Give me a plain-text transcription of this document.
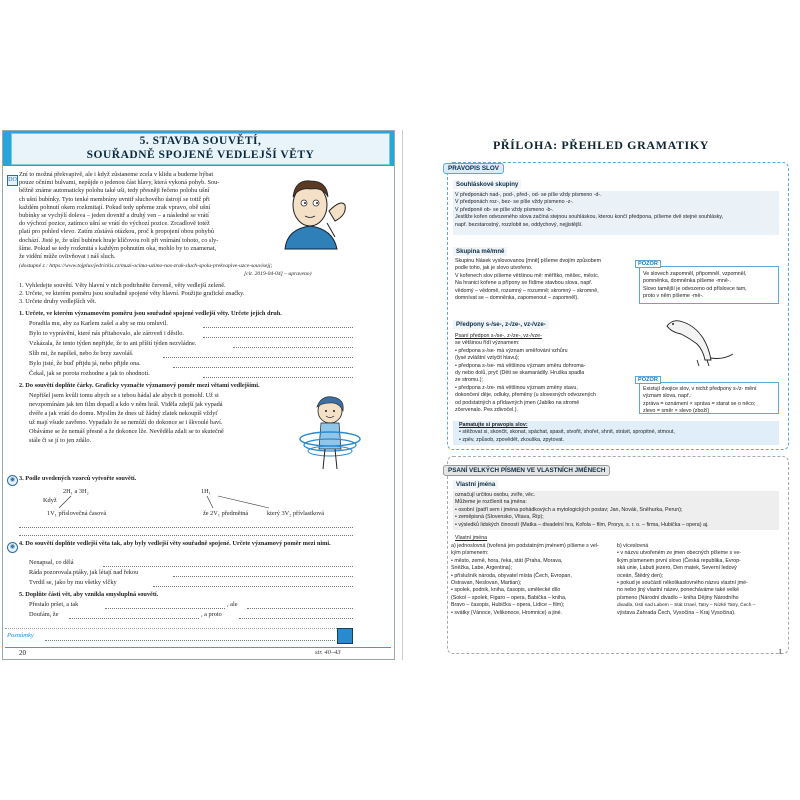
5. STAVBA SOUVĚTÍ,
SOUŘADNĚ SPOJENÉ VEDLEJŠÍ VĚTY
DO
Zní to možná překvapivě, ale i když zůstaneme zcela v klidu a budeme hýbat
pouze očními bulvami, nepůjde o jedenou část hlavy, která vykoná pohyb. Sou-
běžně známe automaticky polohu také uši, tedy přesněji řečeno polohu ušní
ch ušní bubínky. Tyto tenké membrány uvnitř sluchového ústrojí se totiž při
každém pohnutí okem rozkmitají. Pokud tedy upřeme zrak vpravo, obě ušní
bubínky se vychýlí doleva – jeden dovnitř a druhý ven – a následně se vrátí
do výchozí pozice, zatímco ušní se vrátí do výchozí pozice. Zrcadlově totéž
platí pro pohled vlevo. Zatím zůstává otázkou, proč k propojení obou pohybů
dochází. Jisté je, že ušní bubínek hraje klíčovou roli při vnímání tohoto, co sly-
šíme. Pokud se tedy rozkmitá s každým pohnutím oka, mohlo by to znamenat,
že vidění může ovlivňovat i náš sluch.
(dostupné z : https://www.tojplus/jedrickis.cz/muzi-ocima-uzimo-nas-zrak-sluch-spolu-prekvapive-uzce-souvisejj;
[cit. 2019-04-04] – upraveno)
1. Vyhledejte souvětí. Věty hlavní v nich podtrhněte červeně, věty vedlejší zeleně.
2. Určete, ve kterém poměru jsou souřadně spojené věty hlavní. Použijte grafické značky.
3. Určete druhy vedlejších vět.
1. Určete, ve kterém významovém poměru jsou souřadně spojené vedlejší věty. Určete jejich druh.
Poradila mu, aby za Karlem zašel a aby se mu omluvil.
Bylo to vyprávění, které nás přitahovalo, ale zároveň i děsilo.
Vzkázala, že tento týden nepřijde, že to ani příští týden nezvládne.
Slíb mi, že napíšeš, nebo že brzy zavoláš.
Bylo jisté, že buď přijdu já, nebo přijde ona.
Čekal, jak se porota rozhodne a jak to ohodnotí.
2. Do souvětí doplňte čárky. Graficky vyznačte významový poměr mezi větami vedlejšími.
Nepřišel jsem kvůli tomu abych se s tebou hádal ale abych ti pomohl. Už si
nevzpomínám jak ten film dopadl a kdo v něm hrál. Viděla zdejší jak vypadá
dvéře a jak vrátí do domu. Myslím že dnes už žádný zlatek nekoupíš vždyť
už mají všude zavřeno. Vypadalo že se nemůží do dokonce se i škvoulé baví.
Obáváme se že nemáš přesně a že dokonce lže. Nevěděla zdali se to skutečně
stále či se jí to jen zdálo.
◉ 3. Podle uvedených vzorců vytvořte souvětí.
2H₁ a 3H₂	1H₁
Když
1V₁ příslovečná časová	že 2V₁ předmětná	který 3V₂ přívlastková
◉ 4. Do souvětí doplňte vedlejší věta tak, aby byly vedlejší věty souřadně spojené. Určete významový poměr mezi nimi.
Nenapsal, co dělá
Ráda pozorovala ptáky, jak létají nad řekou
Tvrdil se, jako by mu všetky vlčky
5. Doplňte části vět, aby vznikla smysluplná souvětí.
Přestalo pršet, a tak	, ale
Doufám, že	, a proto
Poznámky
20	str. 40–43
PŘÍLOHA: PŘEHLED GRAMATIKY
PRAVOPIS SLOV
Souhláskové skupiny
V předponách nad-, pod-, před-, od- se píše vždy písmeno -d-.
V předponách roz-, bez- se píše vždy písmeno -z-.
V předponě ob- se píše vždy písmeno -b-.
Jestliže kořen odvozeného slova začíná stejnou souhláskou, kterou končí předpona, píšeme dvě stejné souhlásky,
např. bezstarostný, rozzlobit se, oddychový, nejjistější.
Skupina mě/mně
Skupinu hlásek vyslovovanou [mně] píšeme dvojím způsobem
podle toho, jak je slovo utvořeno.
V kořenech slov píšeme většinou mě: měřítko, měšec, měsíc.
Na hranici kořene a přípony se řídíme stavbou slova, např.
vědomý – vědomě, rozumný – rozumně; skromný – skromně,
domnívat se – domněnka, zapomenout – zapomněl).
POZOR
Ve slovech zapomněl, připomněl, vzpomněl,
pomněnka, domněnka píšeme -mně-.
Slovo tamější je odvozeno od příslovce tam,
proto v něm píšeme -mě-.
Předpony s-/se-, z-/ze-, vz-/vze-
Psaní předpon s-/se-, z-/ze-, vz-/vze-
se většinou řídí významem:
• předpona s-/se- má význam směřování vzhůru
(lysé zvláštní vztyčit hlavu);
• předpona s-/se- má většinou význam směru dohroma-
dy nebo dolů, pryč (Děti se skamarádily. Hruška spadla
ze stromu.);
• předpona z-/ze- má většinou význam změny stavu,
dokončení děje, odluky, přeměny (u slovesných odvozených
od podstatných a přídavných jmen (Jablko na stromě
zčervenalo. Pes zdivočel.).
POZOR
Existují dvojice slov, v nichž předpony s-/z- mění
význam slova, např.:
zpráva = oznámení × správa = starat se o něco;
zlevo = směr × slevo (zboží)
Pamatujte si pravopis slov:
• stěžovat si, skončit, skonat, spáchat, spasit, stvořit, shořet, shnít, strávit, spropitné, stmout,
• zpěv, způsob, zpovědět, zkouška, zpytovat.
PSANÍ VELKÝCH PÍSMEN VE VLASTNÍCH JMÉNECH
Vlastní jména
označují určitou osobu, zvíře, věc.
Můžeme je rozčlenit na jména:
• osobní (patří sem i jména pohádkových a mytologických postav; Jan, Novák, Sněhurka, Perun);
• zeměpisná (Slovensko, Vltava, Říp);
• výsledků lidských činností (Matka – divadelní hra, Kofola – film, Prorys, s. r. o. – firma, Hubička – opera) aj.
Vlastní jména
a) jednoslovná (tvořená jen podstatným jménem) píšeme s vel-
kým písmenem:
• město, země, hora, řeka, stát (Praha, Morava,
Sněžka, Labe, Argentina);
• příslušník národa, obyvatel místa (Čech, Evropan,
Ostravan, Neslovan, Martian);
• spolek, podnik, kniha, časopis, umělecké dílo
(Sokol – spolek, Figaro – opera, Babička – kniha,
Bravo – časopis, Hubička – opera, Lidice – film);
• svátky (Vánoce, Velikonoce, Hromnice) a jiné.
b) víceslovná
• v názvu utvořeném ze jmen obecných píšeme s ve-
lkým písmenem první slovo (Česká republika, Evrop-
ská unie, Labutí jezero, Den matek, Severní ledový
oceán, Štědrý den);
• pokud je součástí několikaslovného názvu vlastní jmé-
no nebo jiný vlastní název, ponecháváme také velké
písmeno (Národní divadlo – kniha Dějiny Národního
divadla, Ústí nad Labem – Stát Izrael, Tatry – Nízké Tatry, Čech –
výstava Zahrada Čech, Vysočina – Kraj Vysočina).
I
